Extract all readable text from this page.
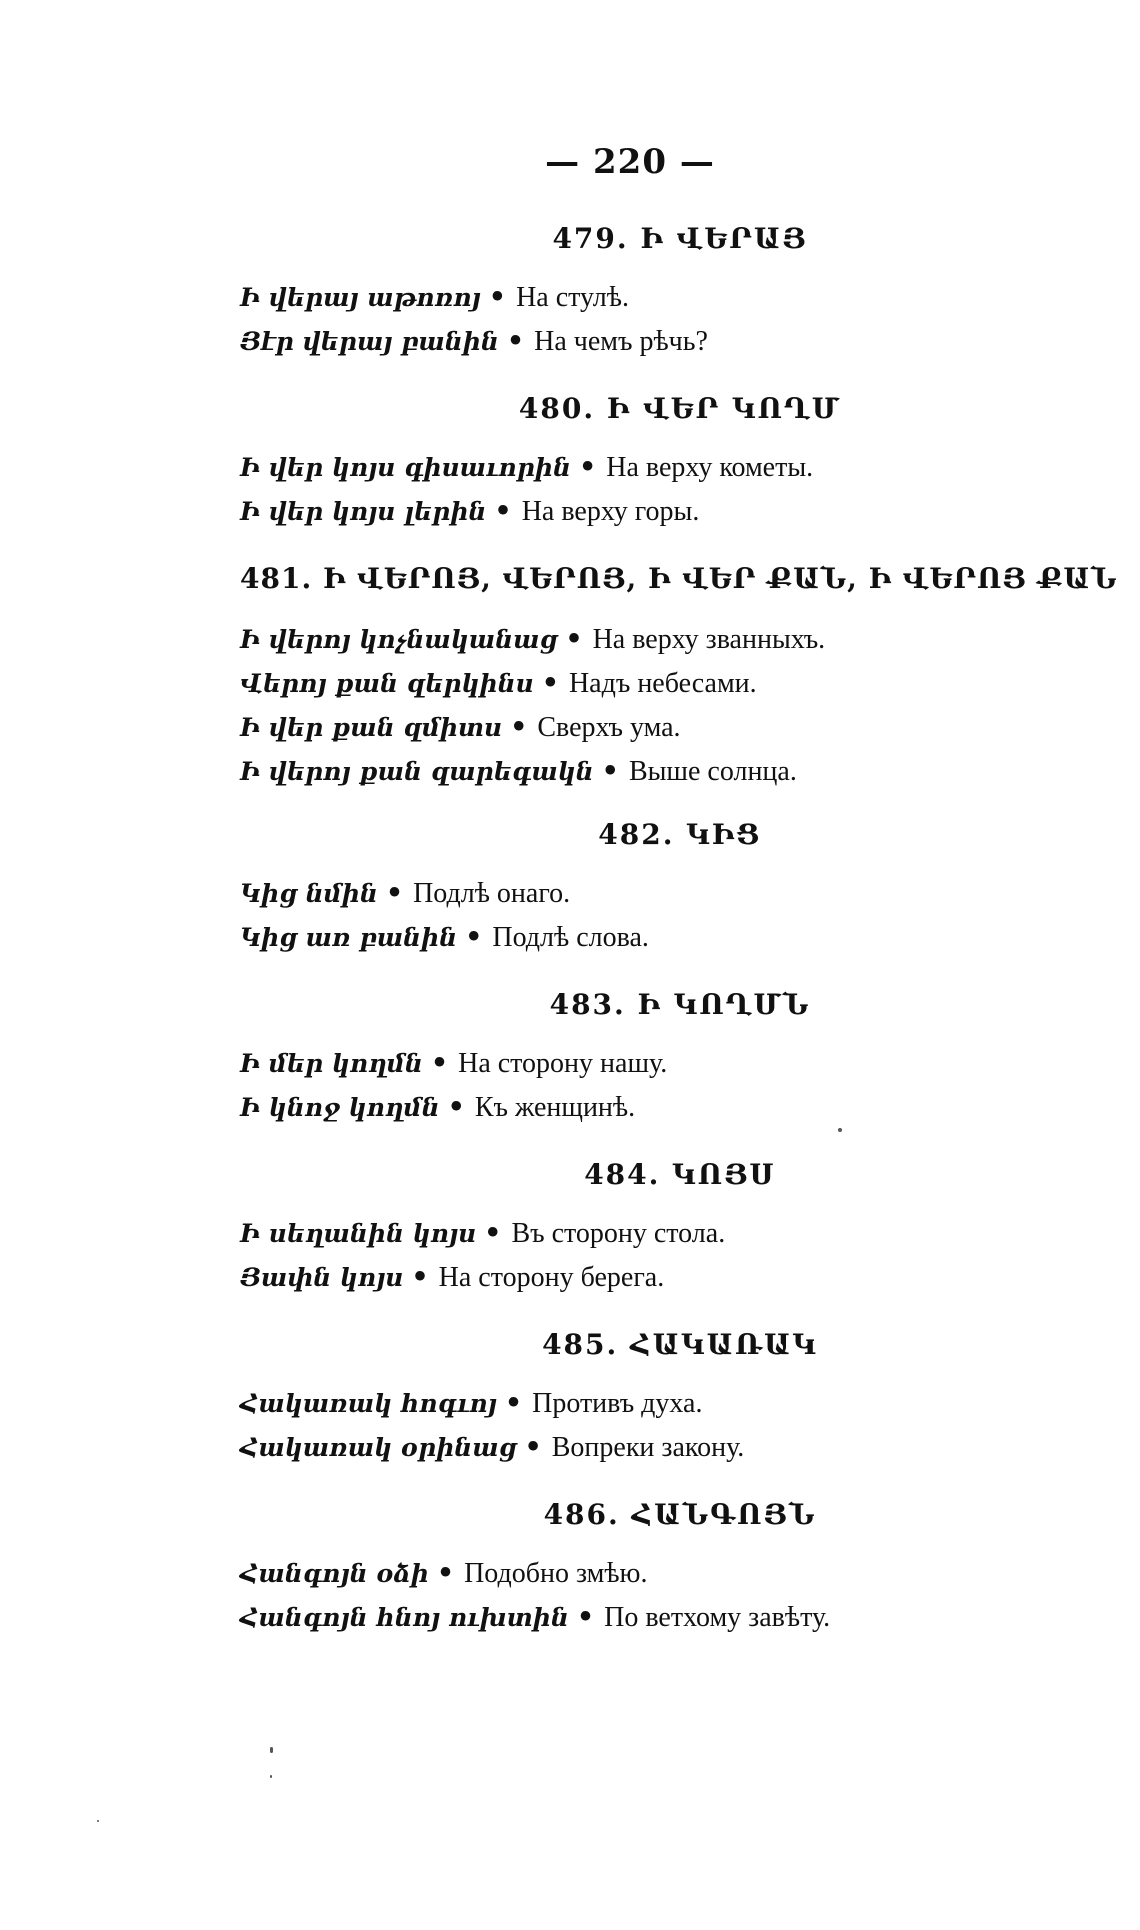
— 220 —
479. Ի ՎԵՐԱՅ
Ի վերայ աթոռոյ • На стулѣ.
Յէր վերայ բանին • На чемъ рѣчь?
480. Ի ՎԵՐ ԿՈՂՄ
Ի վեր կոյս գիսաւորին • На верху кометы.
Ի վեր կոյս լերին • На верху горы.
481. Ի ՎԵՐՈՅ, ՎԵՐՈՅ, Ի ՎԵՐ ՔԱՆ, Ի ՎԵՐՈՅ ՔԱՆ
Ի վերոյ կոչնականաց • На верху званныхъ.
Վերոյ քան զերկինս • Надъ небесами.
Ի վեր քան զմիտս • Сверхъ ума.
Ի վերոյ քան զարեգակն • Выше солнца.
482. ԿԻՑ
Կից նմին • Подлѣ онаго.
Կից առ բանին • Подлѣ слова.
483. Ի ԿՈՂՄՆ
Ի մեր կողմն • На сторону нашу.
Ի կնոջ կողմն • Къ женщинѣ.
484. ԿՈՅՍ
Ի սեղանին կոյս • Въ сторону стола.
Յափն կոյս • На сторону берега.
485. ՀԱԿԱՌԱԿ
Հակառակ հոգւոյ • Противъ духа.
Հակառակ օրինաց • Вопреки закону.
486. ՀԱՆԳՈՅՆ
Հանգոյն օձի • Подобно змѣю.
Հանգոյն հնոյ ուխտին • По ветхому завѣту.
